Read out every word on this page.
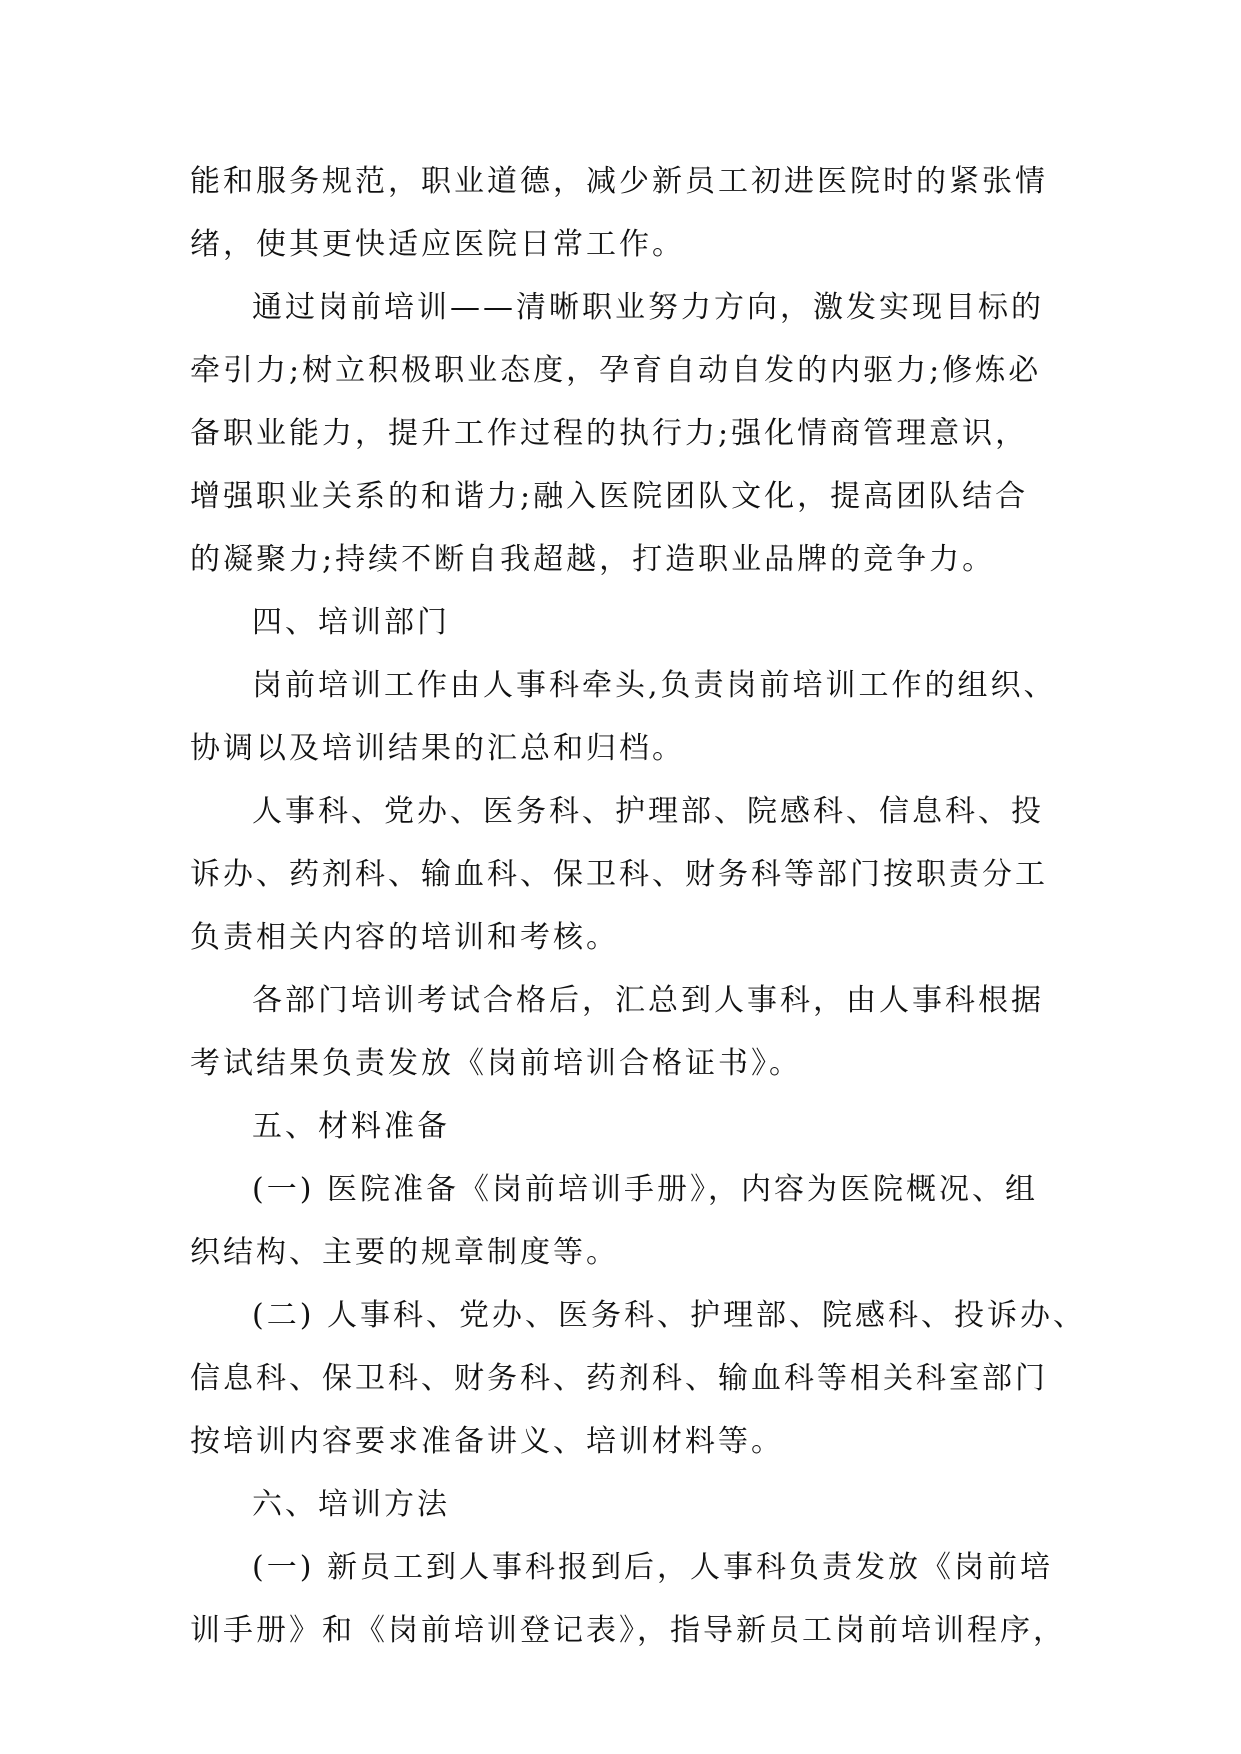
能和服务规范，职业道德，减少新员工初进医院时的紧张情
绪，使其更快适应医院日常工作。
通过岗前培训——清晰职业努力方向，激发实现目标的
牵引力;树立积极职业态度，孕育自动自发的内驱力;修炼必
备职业能力，提升工作过程的执行力;强化情商管理意识，
增强职业关系的和谐力;融入医院团队文化，提高团队结合
的凝聚力;持续不断自我超越，打造职业品牌的竞争力。
四、培训部门
岗前培训工作由人事科牵头,负责岗前培训工作的组织、
协调以及培训结果的汇总和归档。
人事科、党办、医务科、护理部、院感科、信息科、投
诉办、药剂科、输血科、保卫科、财务科等部门按职责分工
负责相关内容的培训和考核。
各部门培训考试合格后，汇总到人事科，由人事科根据
考试结果负责发放《岗前培训合格证书》。
五、材料准备
(一) 医院准备《岗前培训手册》，内容为医院概况、组
织结构、主要的规章制度等。
(二) 人事科、党办、医务科、护理部、院感科、投诉办、
信息科、保卫科、财务科、药剂科、输血科等相关科室部门
按培训内容要求准备讲义、培训材料等。
六、培训方法
(一) 新员工到人事科报到后，人事科负责发放《岗前培
训手册》和《岗前培训登记表》，指导新员工岗前培训程序，
